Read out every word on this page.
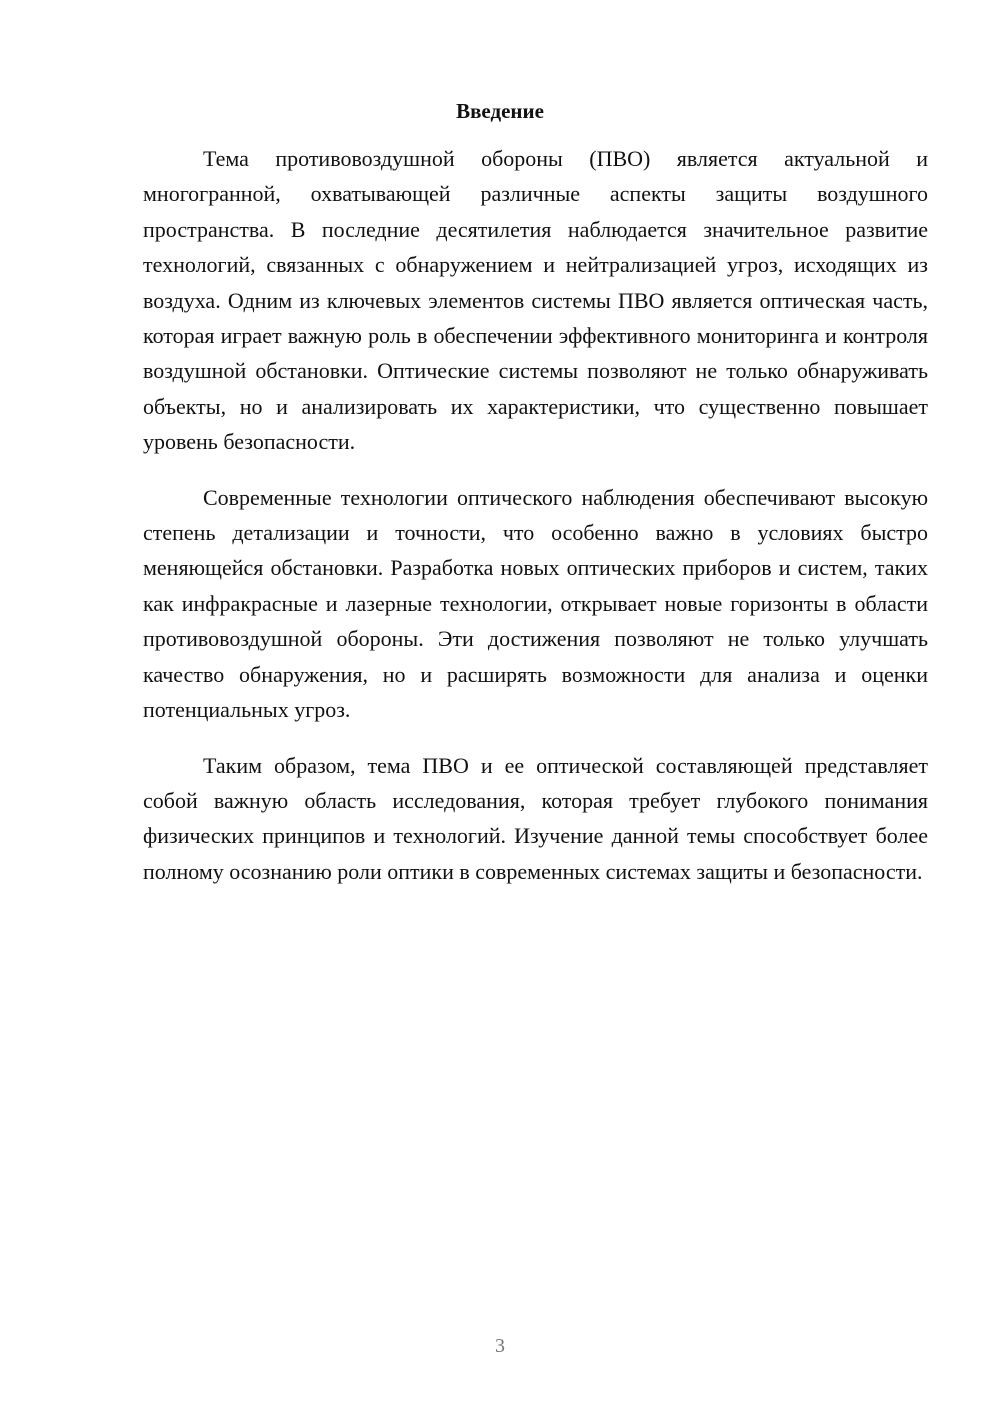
Введение

Тема противовоздушной обороны (ПВО) является актуальной и многогранной, охватывающей различные аспекты защиты воздушного пространства. В последние десятилетия наблюдается значительное развитие технологий, связанных с обнаружением и нейтрализацией угроз, исходящих из воздуха. Одним из ключевых элементов системы ПВО является оптическая часть, которая играет важную роль в обеспечении эффективного мониторинга и контроля воздушной обстановки. Оптические системы позволяют не только обнаруживать объекты, но и анализировать их характеристики, что существенно повышает уровень безопасности.

Современные технологии оптического наблюдения обеспечивают высокую степень детализации и точности, что особенно важно в условиях быстро меняющейся обстановки. Разработка новых оптических приборов и систем, таких как инфракрасные и лазерные технологии, открывает новые горизонты в области противовоздушной обороны. Эти достижения позволяют не только улучшать качество обнаружения, но и расширять возможности для анализа и оценки потенциальных угроз.

Таким образом, тема ПВО и ее оптической составляющей представляет собой важную область исследования, которая требует глубокого понимания физических принципов и технологий. Изучение данной темы способствует более полному осознанию роли оптики в современных системах защиты и безопасности.

3
